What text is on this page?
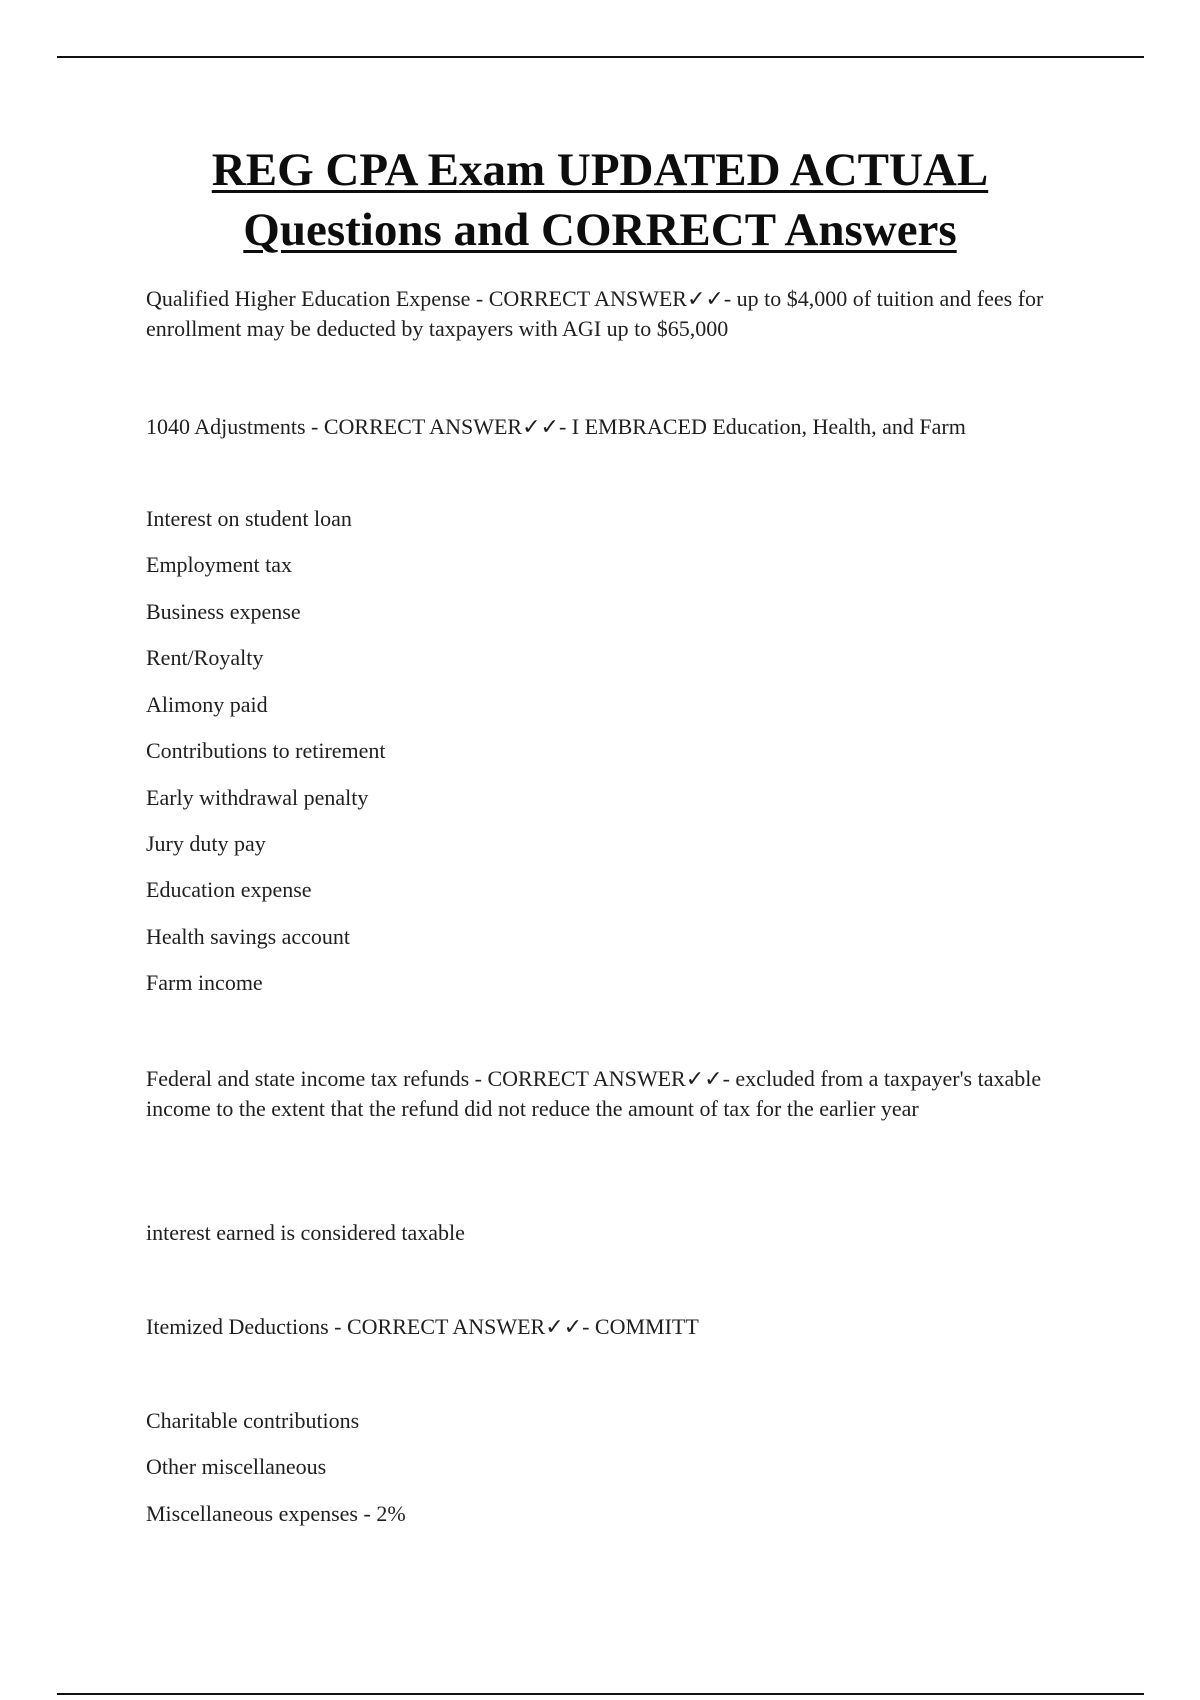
REG CPA Exam UPDATED ACTUAL
Questions and CORRECT Answers
Qualified Higher Education Expense - CORRECT ANSWER✓✓- up to $4,000 of tuition and fees for enrollment may be deducted by taxpayers with AGI up to $65,000
1040 Adjustments - CORRECT ANSWER✓✓- I EMBRACED Education, Health, and Farm
Interest on student loan
Employment tax
Business expense
Rent/Royalty
Alimony paid
Contributions to retirement
Early withdrawal penalty
Jury duty pay
Education expense
Health savings account
Farm income
Federal and state income tax refunds - CORRECT ANSWER✓✓- excluded from a taxpayer's taxable income to the extent that the refund did not reduce the amount of tax for the earlier year
interest earned is considered taxable
Itemized Deductions - CORRECT ANSWER✓✓- COMMITT
Charitable contributions
Other miscellaneous
Miscellaneous expenses - 2%
